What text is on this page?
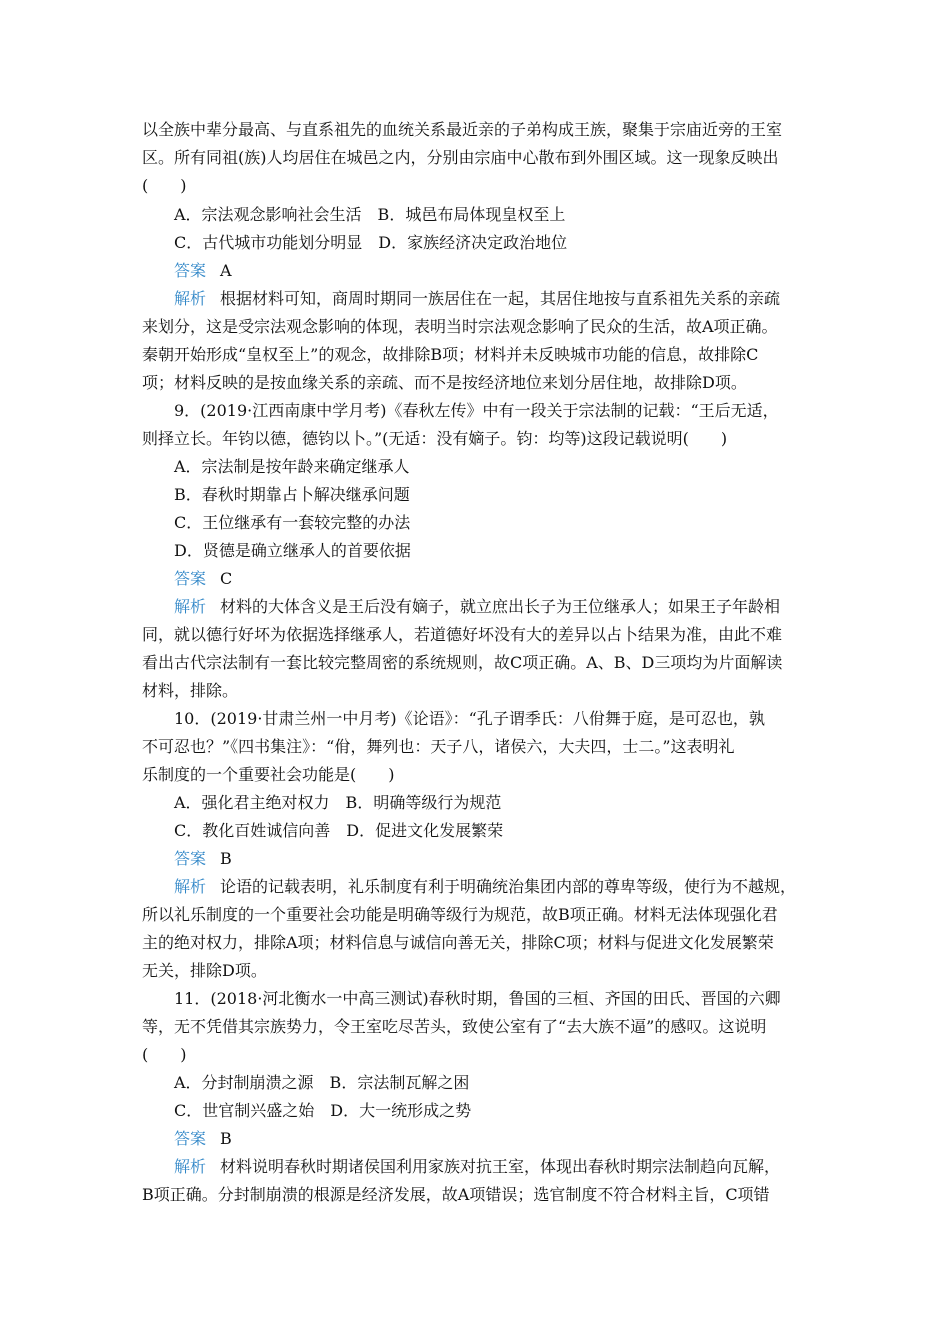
以全族中辈分最高、与直系祖先的血统关系最近亲的子弟构成王族，聚集于宗庙近旁的王室
区。所有同祖(族)人均居住在城邑之内，分别由宗庙中心散布到外围区域。这一现象反映出
(　　)
A．宗法观念影响社会生活　B．城邑布局体现皇权至上
C．古代城市功能划分明显　D．家族经济决定政治地位
答案 A
解析 根据材料可知，商周时期同一族居住在一起，其居住地按与直系祖先关系的亲疏
来划分，这是受宗法观念影响的体现，表明当时宗法观念影响了民众的生活，故A项正确。
秦朝开始形成“皇权至上”的观念，故排除B项；材料并未反映城市功能的信息，故排除C
项；材料反映的是按血缘关系的亲疏、而不是按经济地位来划分居住地，故排除D项。
9．(2019·江西南康中学月考)《春秋左传》中有一段关于宗法制的记载：“王后无适，
则择立长。年钧以德，德钧以卜。”(无适：没有嫡子。钧：均等)这段记载说明(　　)
A．宗法制是按年龄来确定继承人
B．春秋时期靠占卜解决继承问题
C．王位继承有一套较完整的办法
D．贤德是确立继承人的首要依据
答案 C
解析 材料的大体含义是王后没有嫡子，就立庶出长子为王位继承人；如果王子年龄相
同，就以德行好坏为依据选择继承人，若道德好坏没有大的差异以占卜结果为准，由此不难
看出古代宗法制有一套比较完整周密的系统规则，故C项正确。A、B、D三项均为片面解读
材料，排除。
10．(2019·甘肃兰州一中月考)《论语》：“孔子谓季氏：八佾舞于庭，是可忍也，孰
不可忍也？”《四书集注》：“佾，舞列也：天子八，诸侯六，大夫四，士二。”这表明礼
乐制度的一个重要社会功能是(　　)
A．强化君主绝对权力　B．明确等级行为规范
C．教化百姓诚信向善　D．促进文化发展繁荣
答案 B
解析 论语的记载表明，礼乐制度有利于明确统治集团内部的尊卑等级，使行为不越规，
所以礼乐制度的一个重要社会功能是明确等级行为规范，故B项正确。材料无法体现强化君
主的绝对权力，排除A项；材料信息与诚信向善无关，排除C项；材料与促进文化发展繁荣
无关，排除D项。
11．(2018·河北衡水一中高三测试)春秋时期，鲁国的三桓、齐国的田氏、晋国的六卿
等，无不凭借其宗族势力，令王室吃尽苦头，致使公室有了“去大族不逼”的感叹。这说明
(　　)
A．分封制崩溃之源　B．宗法制瓦解之困
C．世官制兴盛之始　D．大一统形成之势
答案 B
解析 材料说明春秋时期诸侯国利用家族对抗王室，体现出春秋时期宗法制趋向瓦解，
B项正确。分封制崩溃的根源是经济发展，故A项错误；选官制度不符合材料主旨，C项错
